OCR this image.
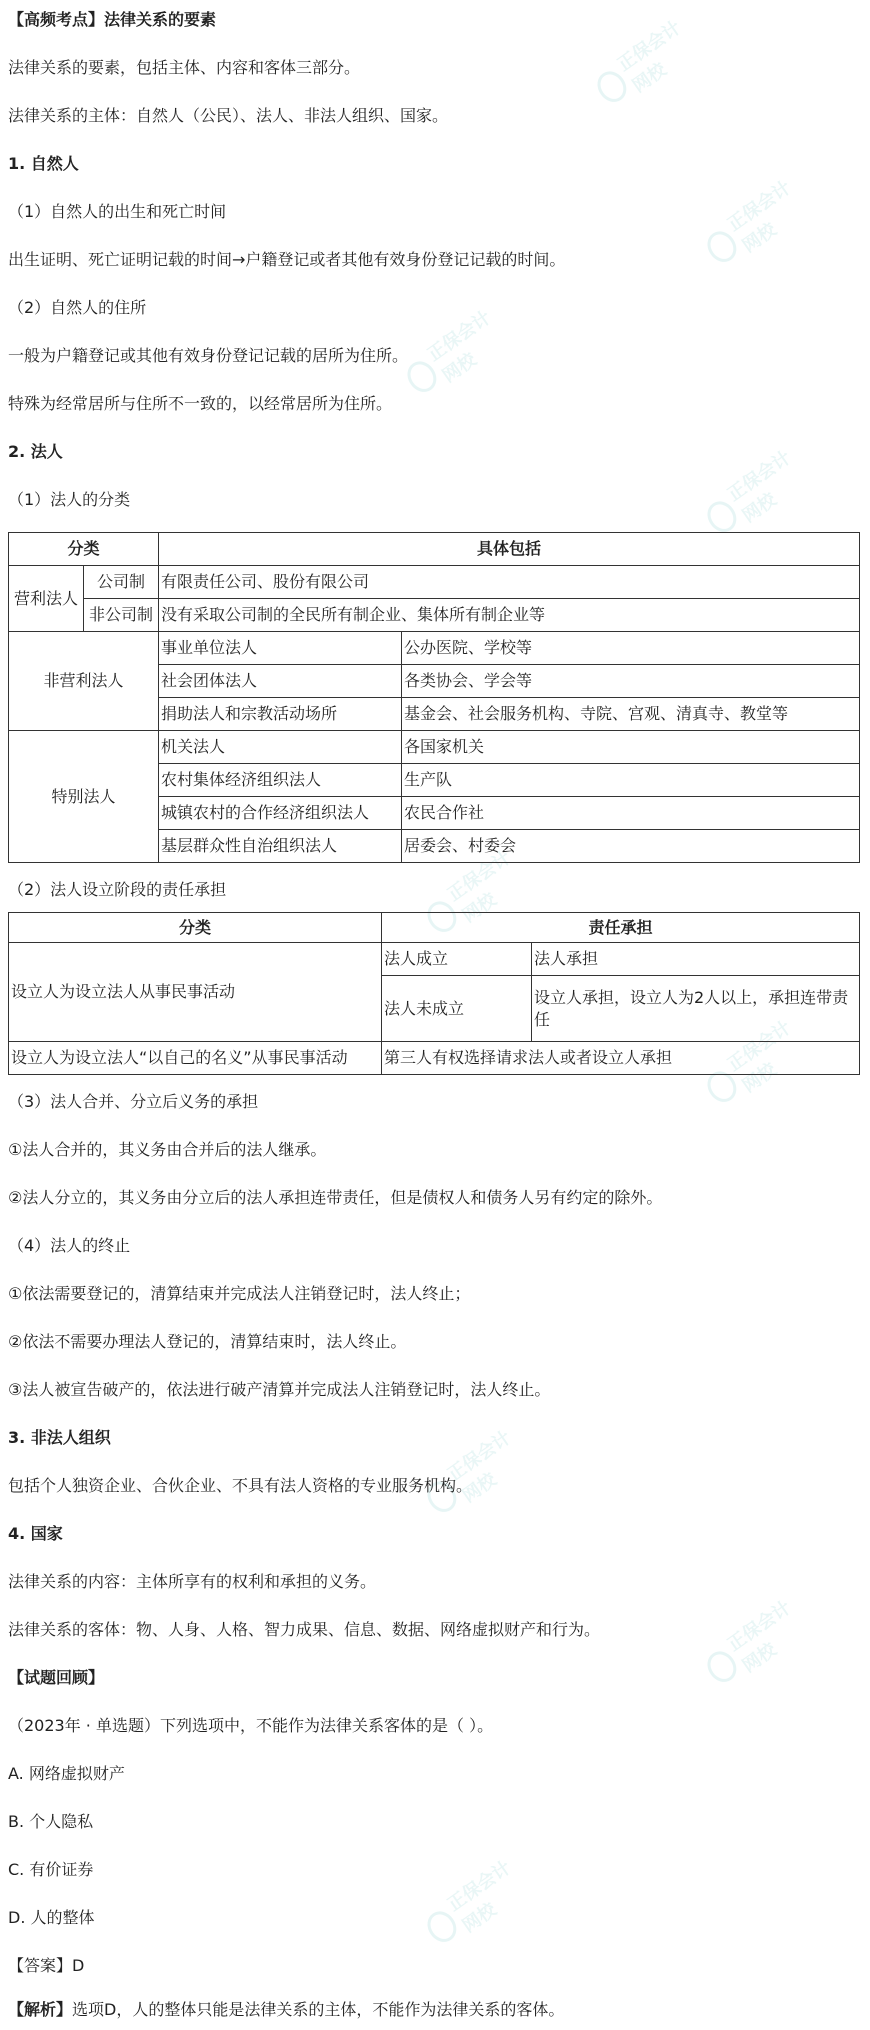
正保会计网校
正保会计网校
正保会计网校
正保会计网校
正保会计网校
正保会计网校
正保会计网校
正保会计网校
正保会计网校
【高频考点】法律关系的要素
法律关系的要素，包括主体、内容和客体三部分。
法律关系的主体：自然人（公民）、法人、非法人组织、国家。
1. 自然人
（1）自然人的出生和死亡时间
出生证明、死亡证明记载的时间→户籍登记或者其他有效身份登记记载的时间。
（2）自然人的住所
一般为户籍登记或其他有效身份登记记载的居所为住所。
特殊为经常居所与住所不一致的，以经常居所为住所。
2. 法人
（1）法人的分类
分类		具体包括	
营利法人	公司制	有限责任公司、股份有限公司	
	非公司制	没有采取公司制的全民所有制企业、集体所有制企业等	
非营利法人		事业单位法人	公办医院、学校等
		社会团体法人	各类协会、学会等
		捐助法人和宗教活动场所	基金会、社会服务机构、寺院、宫观、清真寺、教堂等
特别法人		机关法人	各国家机关
		农村集体经济组织法人	生产队
		城镇农村的合作经济组织法人	农民合作社
		基层群众性自治组织法人	居委会、村委会
（2）法人设立阶段的责任承担
分类	责任承担	
设立人为设立法人从事民事活动	法人成立	法人承担
	法人未成立	设立人承担，设立人为2人以上，承担连带责任
设立人为设立法人“以自己的名义”从事民事活动	第三人有权选择请求法人或者设立人承担	
（3）法人合并、分立后义务的承担
①法人合并的，其义务由合并后的法人继承。
②法人分立的，其义务由分立后的法人承担连带责任，但是债权人和债务人另有约定的除外。
（4）法人的终止
①依法需要登记的，清算结束并完成法人注销登记时，法人终止；
②依法不需要办理法人登记的，清算结束时，法人终止。
③法人被宣告破产的，依法进行破产清算并完成法人注销登记时，法人终止。
3. 非法人组织
包括个人独资企业、合伙企业、不具有法人资格的专业服务机构。
4. 国家
法律关系的内容：主体所享有的权利和承担的义务。
法律关系的客体：物、人身、人格、智力成果、信息、数据、网络虚拟财产和行为。
【试题回顾】
（2023年 · 单选题）下列选项中，不能作为法律关系客体的是（ ）。
A. 网络虚拟财产
B. 个人隐私
C. 有价证券
D. 人的整体
【答案】D
【解析】选项D，人的整体只能是法律关系的主体，不能作为法律关系的客体。
